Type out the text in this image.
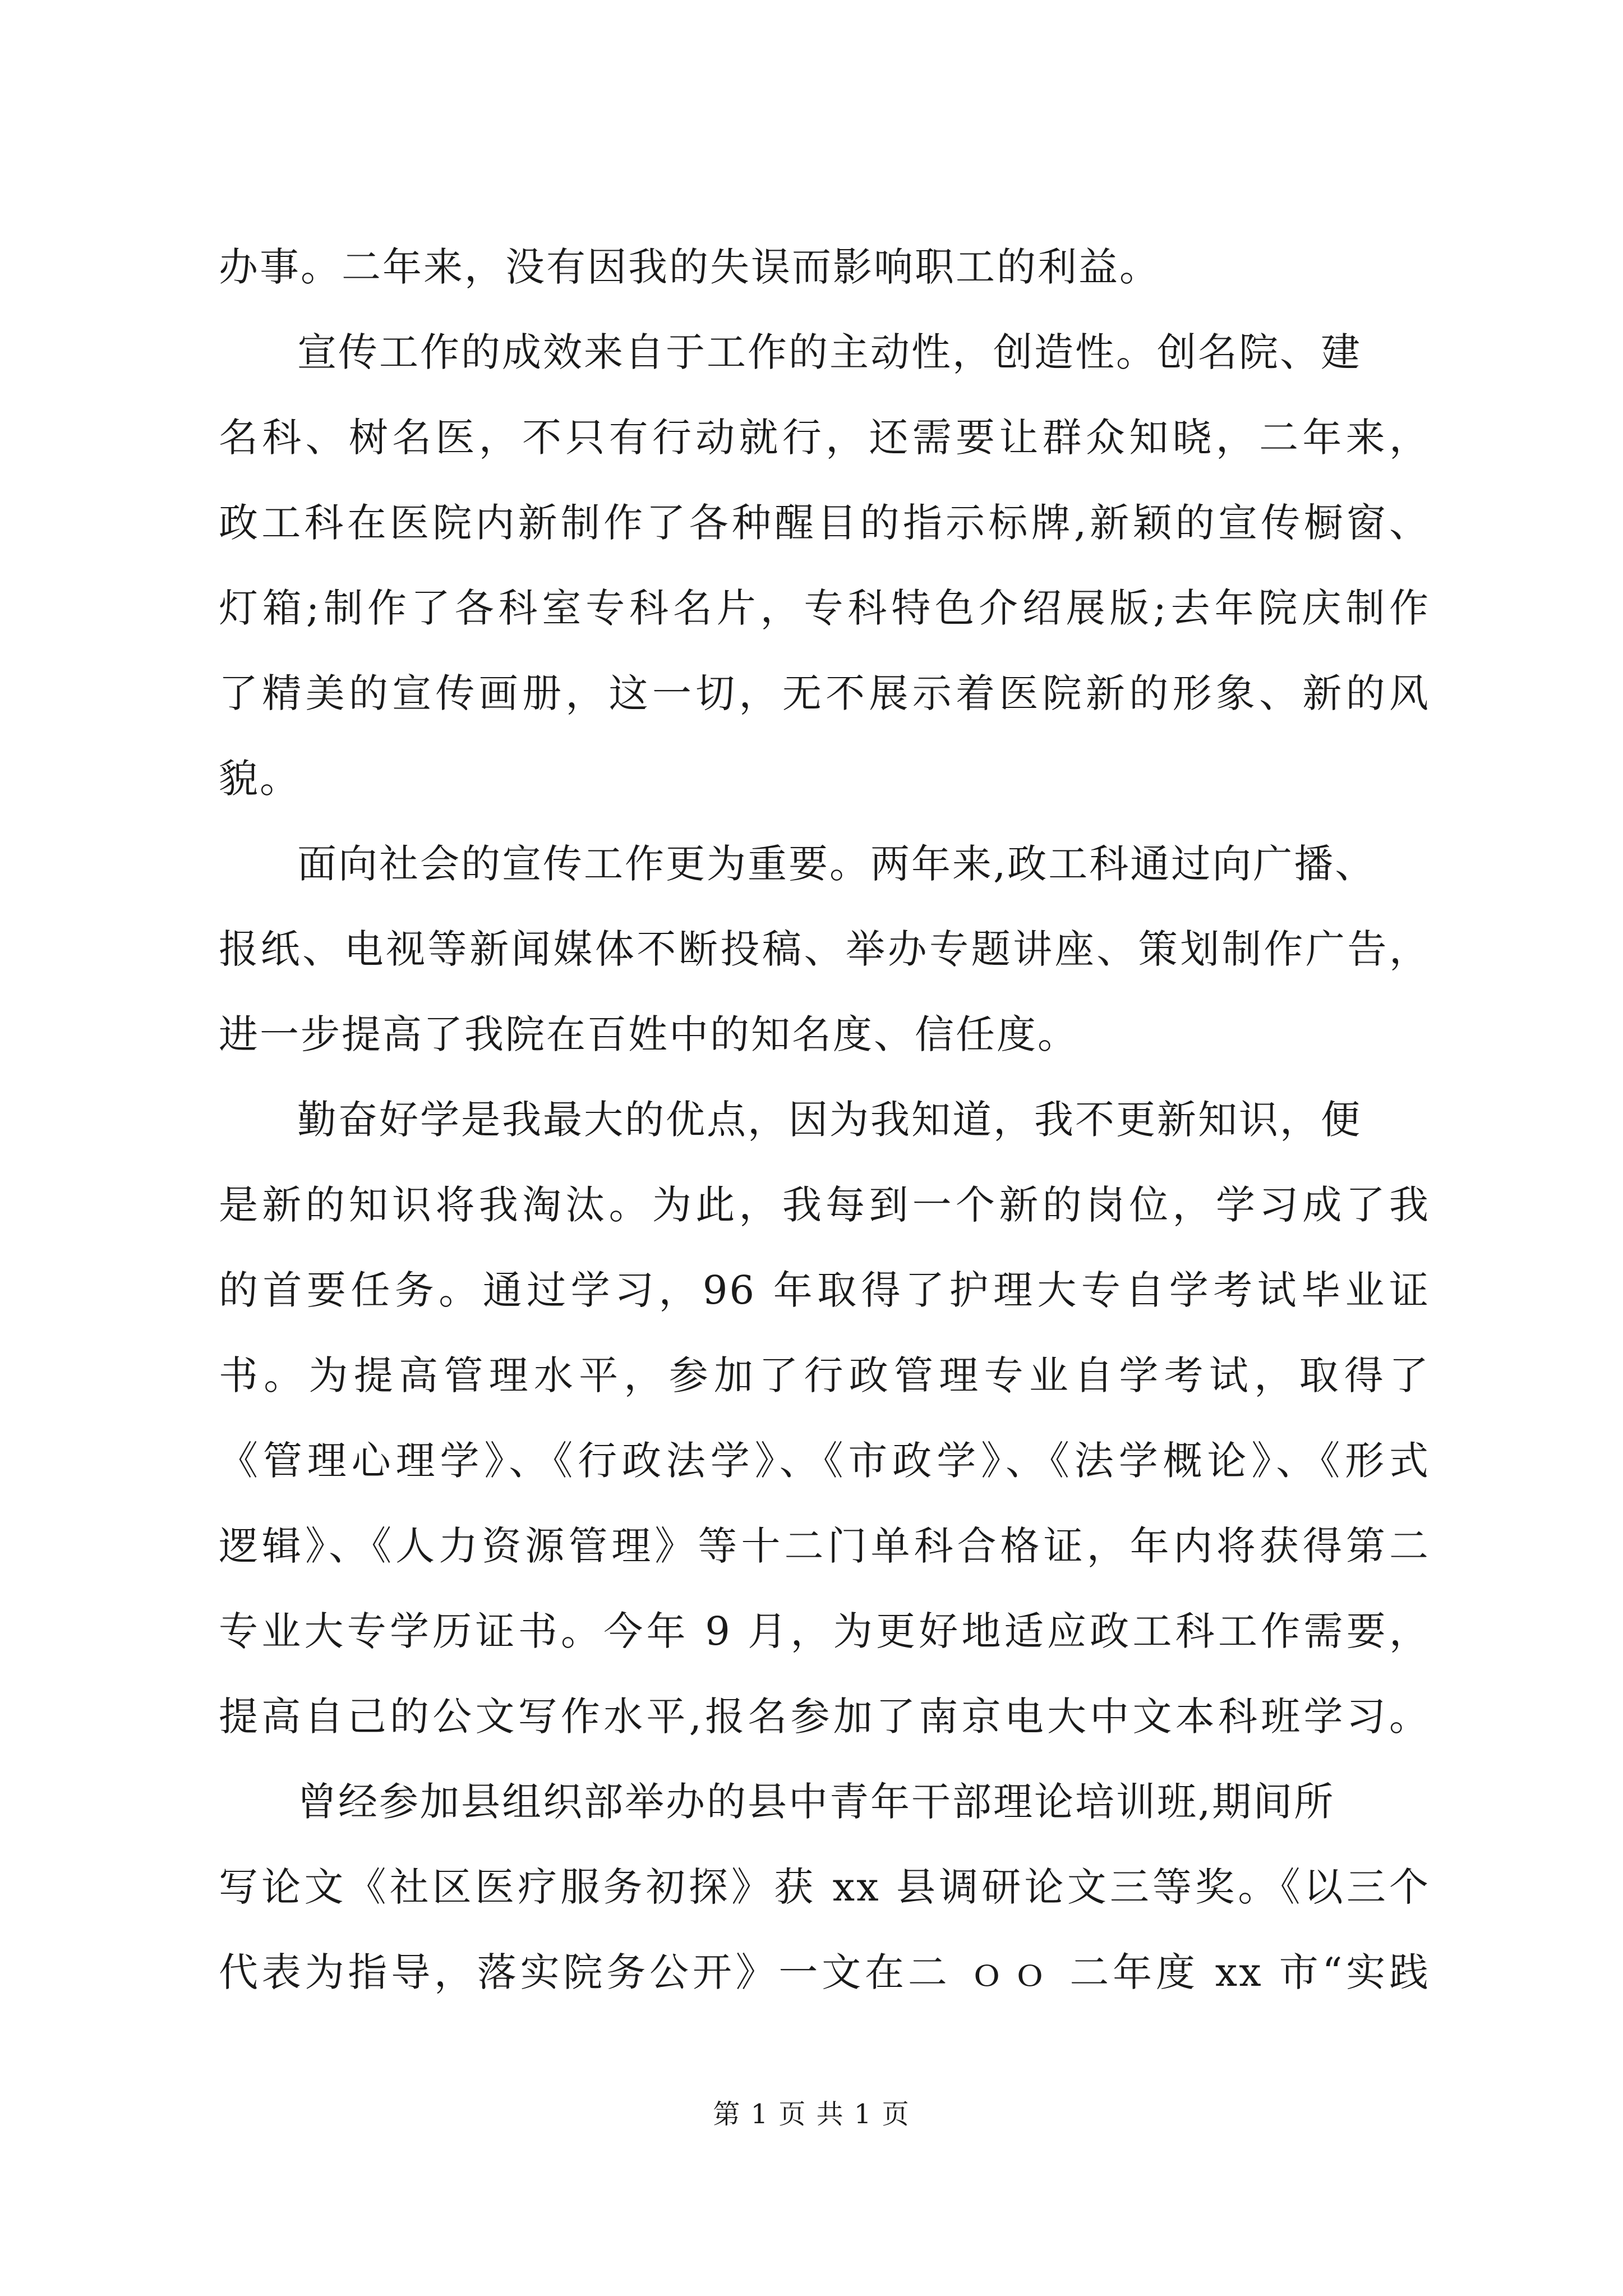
办事。二年来，没有因我的失误而影响职工的利益。
宣传工作的成效来自于工作的主动性，创造性。创名院、建
名科、树名医，不只有行动就行，还需要让群众知晓，二年来，
政工科在医院内新制作了各种醒目的指示标牌,新颖的宣传橱窗、
灯箱;制作了各科室专科名片，专科特色介绍展版;去年院庆制作
了精美的宣传画册，这一切，无不展示着医院新的形象、新的风
貌。
面向社会的宣传工作更为重要。两年来,政工科通过向广播、
报纸、电视等新闻媒体不断投稿、举办专题讲座、策划制作广告，
进一步提高了我院在百姓中的知名度、信任度。
勤奋好学是我最大的优点，因为我知道，我不更新知识，便
是新的知识将我淘汰。为此，我每到一个新的岗位，学习成了我
的首要任务。通过学习，96 年取得了护理大专自学考试毕业证
书。为提高管理水平，参加了行政管理专业自学考试，取得了
《管理心理学》、《行政法学》、《市政学》、《法学概论》、《形式
逻辑》、《人力资源管理》等十二门单科合格证，年内将获得第二
专业大专学历证书。今年 9 月，为更好地适应政工科工作需要，
提高自己的公文写作水平,报名参加了南京电大中文本科班学习。
曾经参加县组织部举办的县中青年干部理论培训班,期间所
写论文《社区医疗服务初探》获 xx 县调研论文三等奖。《以三个
代表为指导，落实院务公开》一文在二 ｏｏ 二年度 xx 市“实践
第 1 页 共 1 页
